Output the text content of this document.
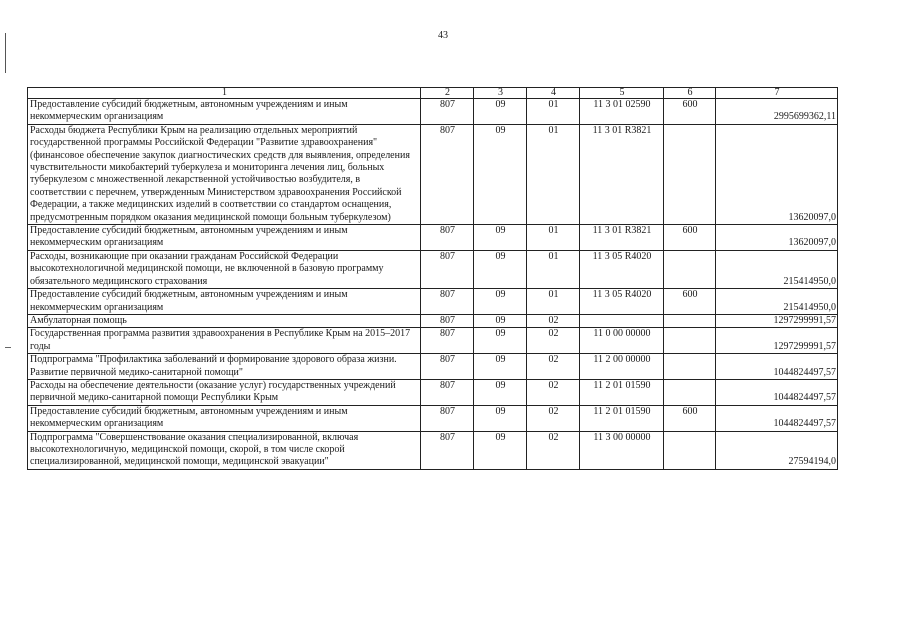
43
1	2	3	4	5	6	7
Предоставление субсидий бюджетным, автономным учреждениям и иным некоммерческим организациям	807	09	01	11 3 01 02590	600	2995699362,11
Расходы бюджета Республики Крым на реализацию отдельных мероприятий государственной программы Российской Федерации "Развитие здравоохранения" (финансовое обеспечение закупок диагностических средств для выявления, определения чувствительности микобактерий туберкулеза и мониторинга лечения лиц, больных туберкулезом с множественной лекарственной устойчивостью возбудителя, в соответствии с перечнем, утвержденным Министерством здравоохранения Российской Федерации, а также медицинских изделий в соответствии со стандартом оснащения, предусмотренным порядком оказания медицинской помощи больным туберкулезом)	807	09	01	11 3 01 R3821		13620097,0
Предоставление субсидий бюджетным, автономным учреждениям и иным некоммерческим организациям	807	09	01	11 3 01 R3821	600	13620097,0
Расходы, возникающие при оказании гражданам Российской Федерации высокотехнологичной медицинской помощи, не включенной в базовую программу обязательного медицинского страхования	807	09	01	11 3 05 R4020		215414950,0
Предоставление субсидий бюджетным, автономным учреждениям и иным некоммерческим организациям	807	09	01	11 3 05 R4020	600	215414950,0
Амбулаторная помощь	807	09	02			1297299991,57
Государственная программа развития здравоохранения в Республике Крым на 2015–2017 годы	807	09	02	11 0 00 00000		1297299991,57
Подпрограмма "Профилактика заболеваний и формирование здорового образа жизни. Развитие первичной медико-санитарной помощи"	807	09	02	11 2 00 00000		1044824497,57
Расходы на обеспечение деятельности (оказание услуг) государственных учреждений первичной медико-санитарной помощи Республики Крым	807	09	02	11 2 01 01590		1044824497,57
Предоставление субсидий бюджетным, автономным учреждениям и иным некоммерческим организациям	807	09	02	11 2 01 01590	600	1044824497,57
Подпрограмма "Совершенствование оказания специализированной, включая высокотехнологичную, медицинской помощи, скорой, в том числе скорой специализированной, медицинской помощи, медицинской эвакуации"	807	09	02	11 3 00 00000		27594194,0
